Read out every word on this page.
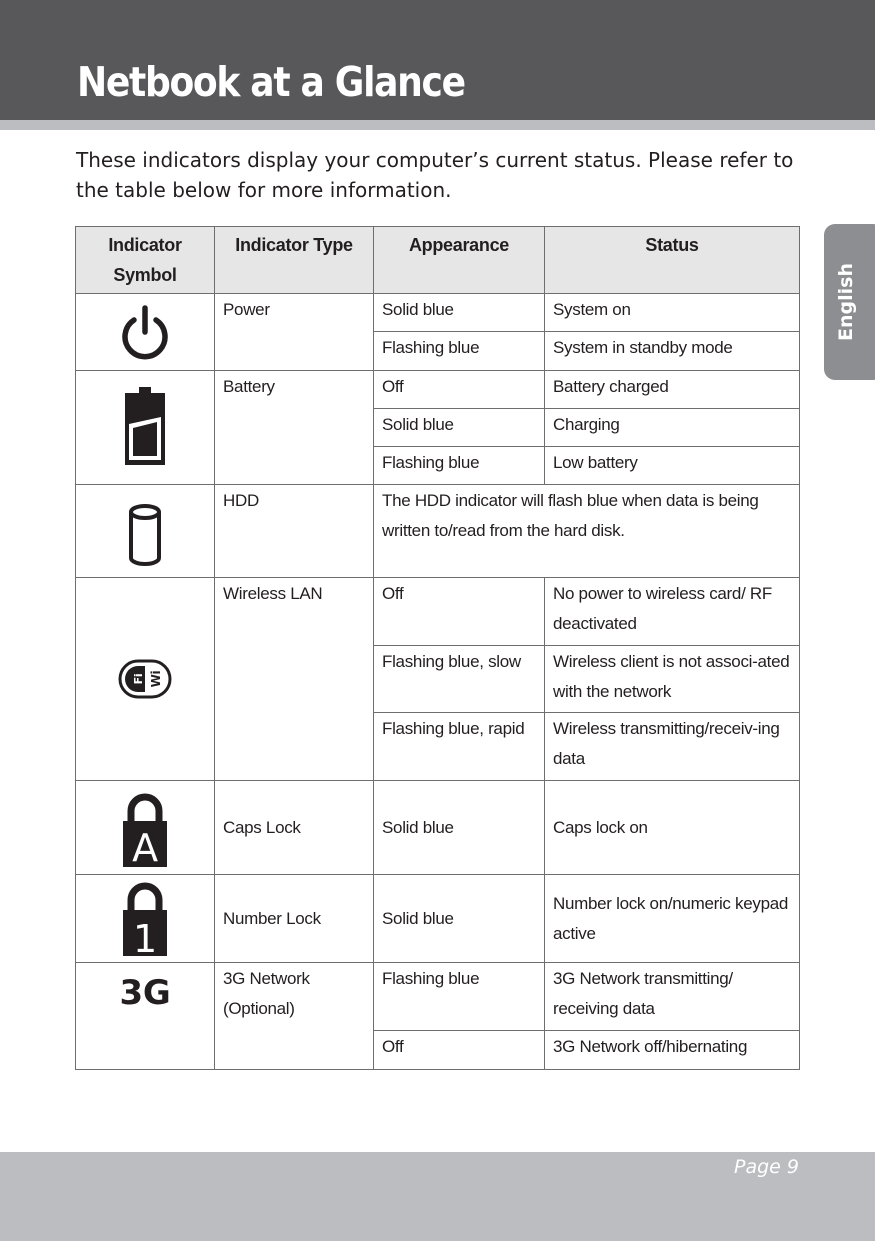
Netbook at a Glance
These indicators display your computer’s current status. Please refer to the table below for more information.
English
Indicator Symbol	Indicator Type	Appearance	Status

	Power	Solid blue	System on
		Flashing blue	System in standby mode

	Battery	Off	Battery charged
		Solid blue	Charging
		Flashing blue	Low battery

	HDD	The HDD indicator will flash blue when data is being written to/read from the hard disk.	

Fi Wi	Wireless LAN	Off	No power to wireless card/ RF deactivated
		Flashing blue, slow	Wireless client is not associ-ated with the network
		Flashing blue, rapid	Wireless transmitting/receiv-ing data

A	Caps Lock	Solid blue	Caps lock on

1	Number Lock	Solid blue	Number lock on/numeric keypad active

3G	3G Network (Optional)	Flashing blue	3G Network transmitting/ receiving data
		Off	3G Network off/hibernating
Page 9
